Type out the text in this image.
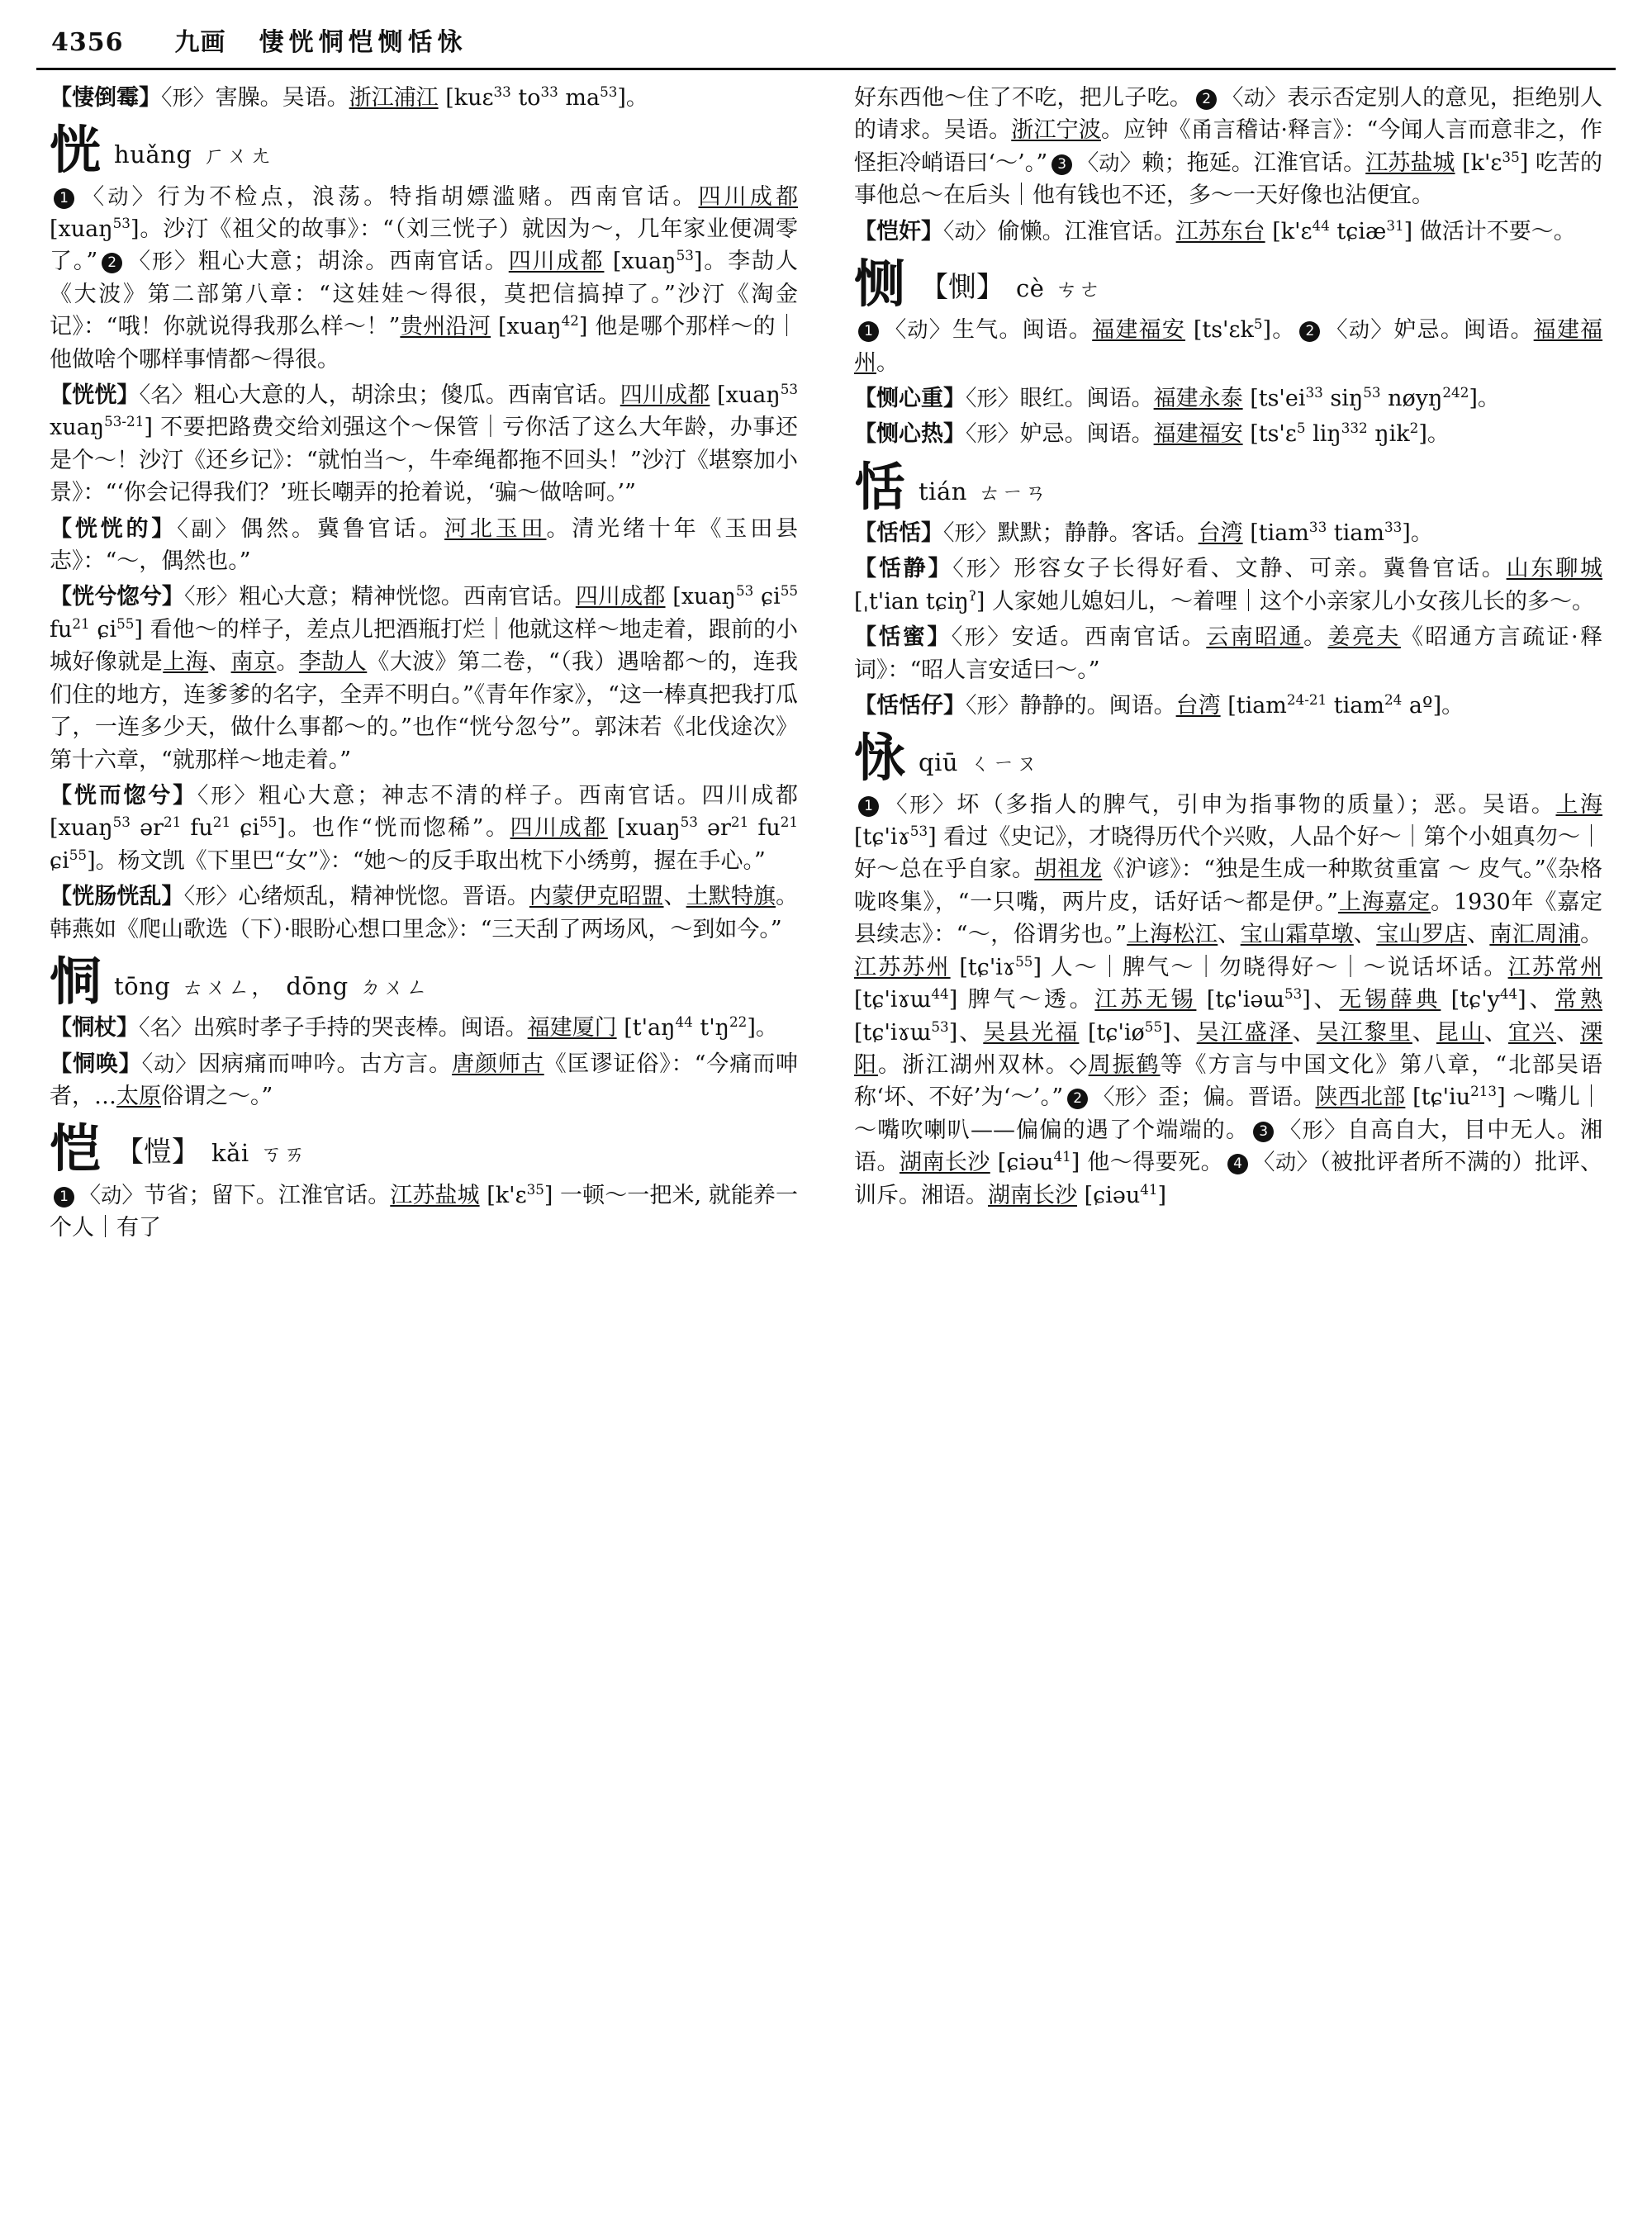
4356 九画 悽恍恫恺恻恬怺
【悽倒霉】〈形〉害臊。吴语。浙江浦江 [kuɛ$^{33}$ $to^{33}$ $ma^{53}$]。
恍huǎng ㄏㄨㄤ
1 〈动〉行为不检点，浪荡。特指胡嫖滥赌。西南官话。四川成都 [xuaŋ$^{53}$]。沙汀《祖父的故事》：“（刘三恍子）就因为～，几年家业便凋零了。” 2 〈形〉粗心大意；胡涂。西南官话。四川成都 [xuaŋ$^{53}$]。李劼人《大波》第二部第八章：“这娃娃～得很，莫把信搞掉了。”沙汀《淘金记》：“哦！你就说得我那么样～！”贵州沿河 [xuaŋ$^{42}$] 他是哪个那样～的｜他做啥个哪样事情都～得很。
【恍恍】〈名〉粗心大意的人，胡涂虫；傻瓜。西南官话。四川成都 [xuaŋ$^{53}$ xuaŋ$^{53-21}$] 不要把路费交给刘强这个～保管｜亏你活了这么大年龄，办事还是个～！沙汀《还乡记》：“就怕当～，牛牵绳都拖不回头！”沙汀《堪察加小景》：“‘你会记得我们？’班长嘲弄的抢着说，‘骗～做啥呵。’”
【恍恍的】〈副〉偶然。冀鲁官话。河北玉田。清光绪十年《玉田县志》：“～，偶然也。”
【恍兮惚兮】〈形〉粗心大意；精神恍惚。西南官话。四川成都 [xuaŋ$^{53}$ ɕi$^{55}$ $fu^{21}$ ɕi$^{55}$] 看他～的样子，差点儿把酒瓶打烂｜他就这样～地走着，跟前的小城好像就是上海、南京。李劼人《大波》第二卷，“（我）遇啥都～的，连我们住的地方，连爹爹的名字，全弄不明白。”《青年作家》，“这一棒真把我打瓜了，一连多少天，做什么事都～的。”也作“恍兮忽兮”。郭沫若《北伐途次》第十六章，“就那样～地走着。”
【恍而惚兮】〈形〉粗心大意；神志不清的样子。西南官话。四川成都 [xuaŋ$^{53}$ ər$^{21}$ $fu^{21}$ ɕi$^{55}$]。也作“恍而惚稀”。四川成都 [xuaŋ$^{53}$ ər$^{21}$ $fu^{21}$ ɕi$^{55}$]。杨文凯《下里巴“女”》：“她～的反手取出枕下小绣剪，握在手心。”
【恍肠恍乱】〈形〉心绪烦乱，精神恍惚。晋语。内蒙伊克昭盟、土默特旗。韩燕如《爬山歌选（下）·眼盼心想口里念》：“三天刮了两场风，～到如今。”
恫tōng ㄊㄨㄥ， dōng ㄉㄨㄥ
【恫杖】〈名〉出殡时孝子手持的哭丧棒。闽语。福建厦门 [$t'aŋ^{44}$ $t'ŋ^{22}$]。
【恫唤】〈动〉因病痛而呻吟。古方言。唐颜师古《匡谬证俗》：“今痛而呻者，…太原俗谓之～。”
恺 【愷】 kǎi ㄎㄞ
1 〈动〉节省；留下。江淮官话。江苏盐城 [k'ɛ$^{35}$] 一顿～一把米, 就能养一个人｜有了
好东西他～住了不吃，把儿子吃。 2 〈动〉表示否定别人的意见，拒绝别人的请求。吴语。浙江宁波。应钟《甬言稽诂·释言》：“今闻人言而意非之，作怪拒冷峭语曰‘～’。” 3 〈动〉赖；拖延。江淮官话。江苏盐城 [k'ɛ$^{35}$] 吃苦的事他总～在后头｜他有钱也不还，多～一天好像也沾便宜。
【恺奸】〈动〉偷懒。江淮官话。江苏东台 [k'ɛ$^{44}$ tɕiæ$^{31}$] 做活计不要～。
恻 【惻】 cè ㄘㄜ
1 〈动〉生气。闽语。福建福安 [ts'ɛk$^5$]。 2 〈动〉妒忌。闽语。福建福州。
【恻心重】〈形〉眼红。闽语。福建永泰 [$ts'ei^{33}$ siŋ$^{53}$ nøyŋ$^{242}$]。
【恻心热】〈形〉妒忌。闽语。福建福安 [ts'ɛ$^5$ liŋ$^{332}$ ŋik$^2$]。
恬tián ㄊㄧㄢ
【恬恬】〈形〉默默；静静。客话。台湾 [tiam$^{33}$ tiam$^{33}$]。
【恬静】〈形〉形容女子长得好看、文静、可亲。冀鲁官话。山东聊城 [ˌt'ian tɕiŋ$^ʔ$] 人家她儿媳妇儿，～着哩｜这个小亲家儿小女孩儿长的多～。
【恬蜜】〈形〉安适。西南官话。云南昭通。姜亮夫《昭通方言疏证·释词》：“昭人言安适曰～。”
【恬恬仔】〈形〉静静的。闽语。台湾 [tiam$^{24-21}$ tiam$^{24}$ aº]。
怺qiū ㄑㄧㄡ
1 〈形〉坏（多指人的脾气，引申为指事物的质量）；恶。吴语。上海 [tɕ'iɤ$^{53}$] 看过《史记》，才晓得历代个兴败，人品个好～｜第个小姐真勿～｜好～总在乎自家。胡祖龙《沪谚》：“独是生成一种欺贫重富 ～ 皮气。”《杂格咙咚集》，“一只嘴，两片皮，话好话～都是伊。”上海嘉定。1930年《嘉定县续志》：“～，俗谓劣也。”上海松江、宝山霜草墩、宝山罗店、南汇周浦。江苏苏州 [tɕ'iɤ$^{55}$] 人～｜脾气～｜勿晓得好～｜～说话坏话。江苏常州 [tɕ'iɤɯ$^{44}$] 脾气～透。江苏无锡 [tɕ'iəɯ$^{53}$]、无锡薛典 $[tɕ'y^{44}]$、常熟 [tɕ'iɤɯ$^{53}$]、吴县光福 $[tɕ'iø^{55}]$、吴江盛泽、吴江黎里、昆山、宜兴、溧阳。浙江湖州双林。◇周振鹤等《方言与中国文化》第八章，“北部吴语称‘坏、不好’为‘～’。” 2 〈形〉歪；偏。晋语。陕西北部 $[tɕ'iu^{213}]$ ～嘴儿｜～嘴吹喇叭——偏偏的遇了个端端的。 3 〈形〉自高自大，目中无人。湘语。湖南长沙 [ɕiəu$^{41}$] 他～得要死。 4 〈动〉（被批评者所不满的）批评、训斥。湘语。湖南长沙 [ɕiəu$^{41}$]
